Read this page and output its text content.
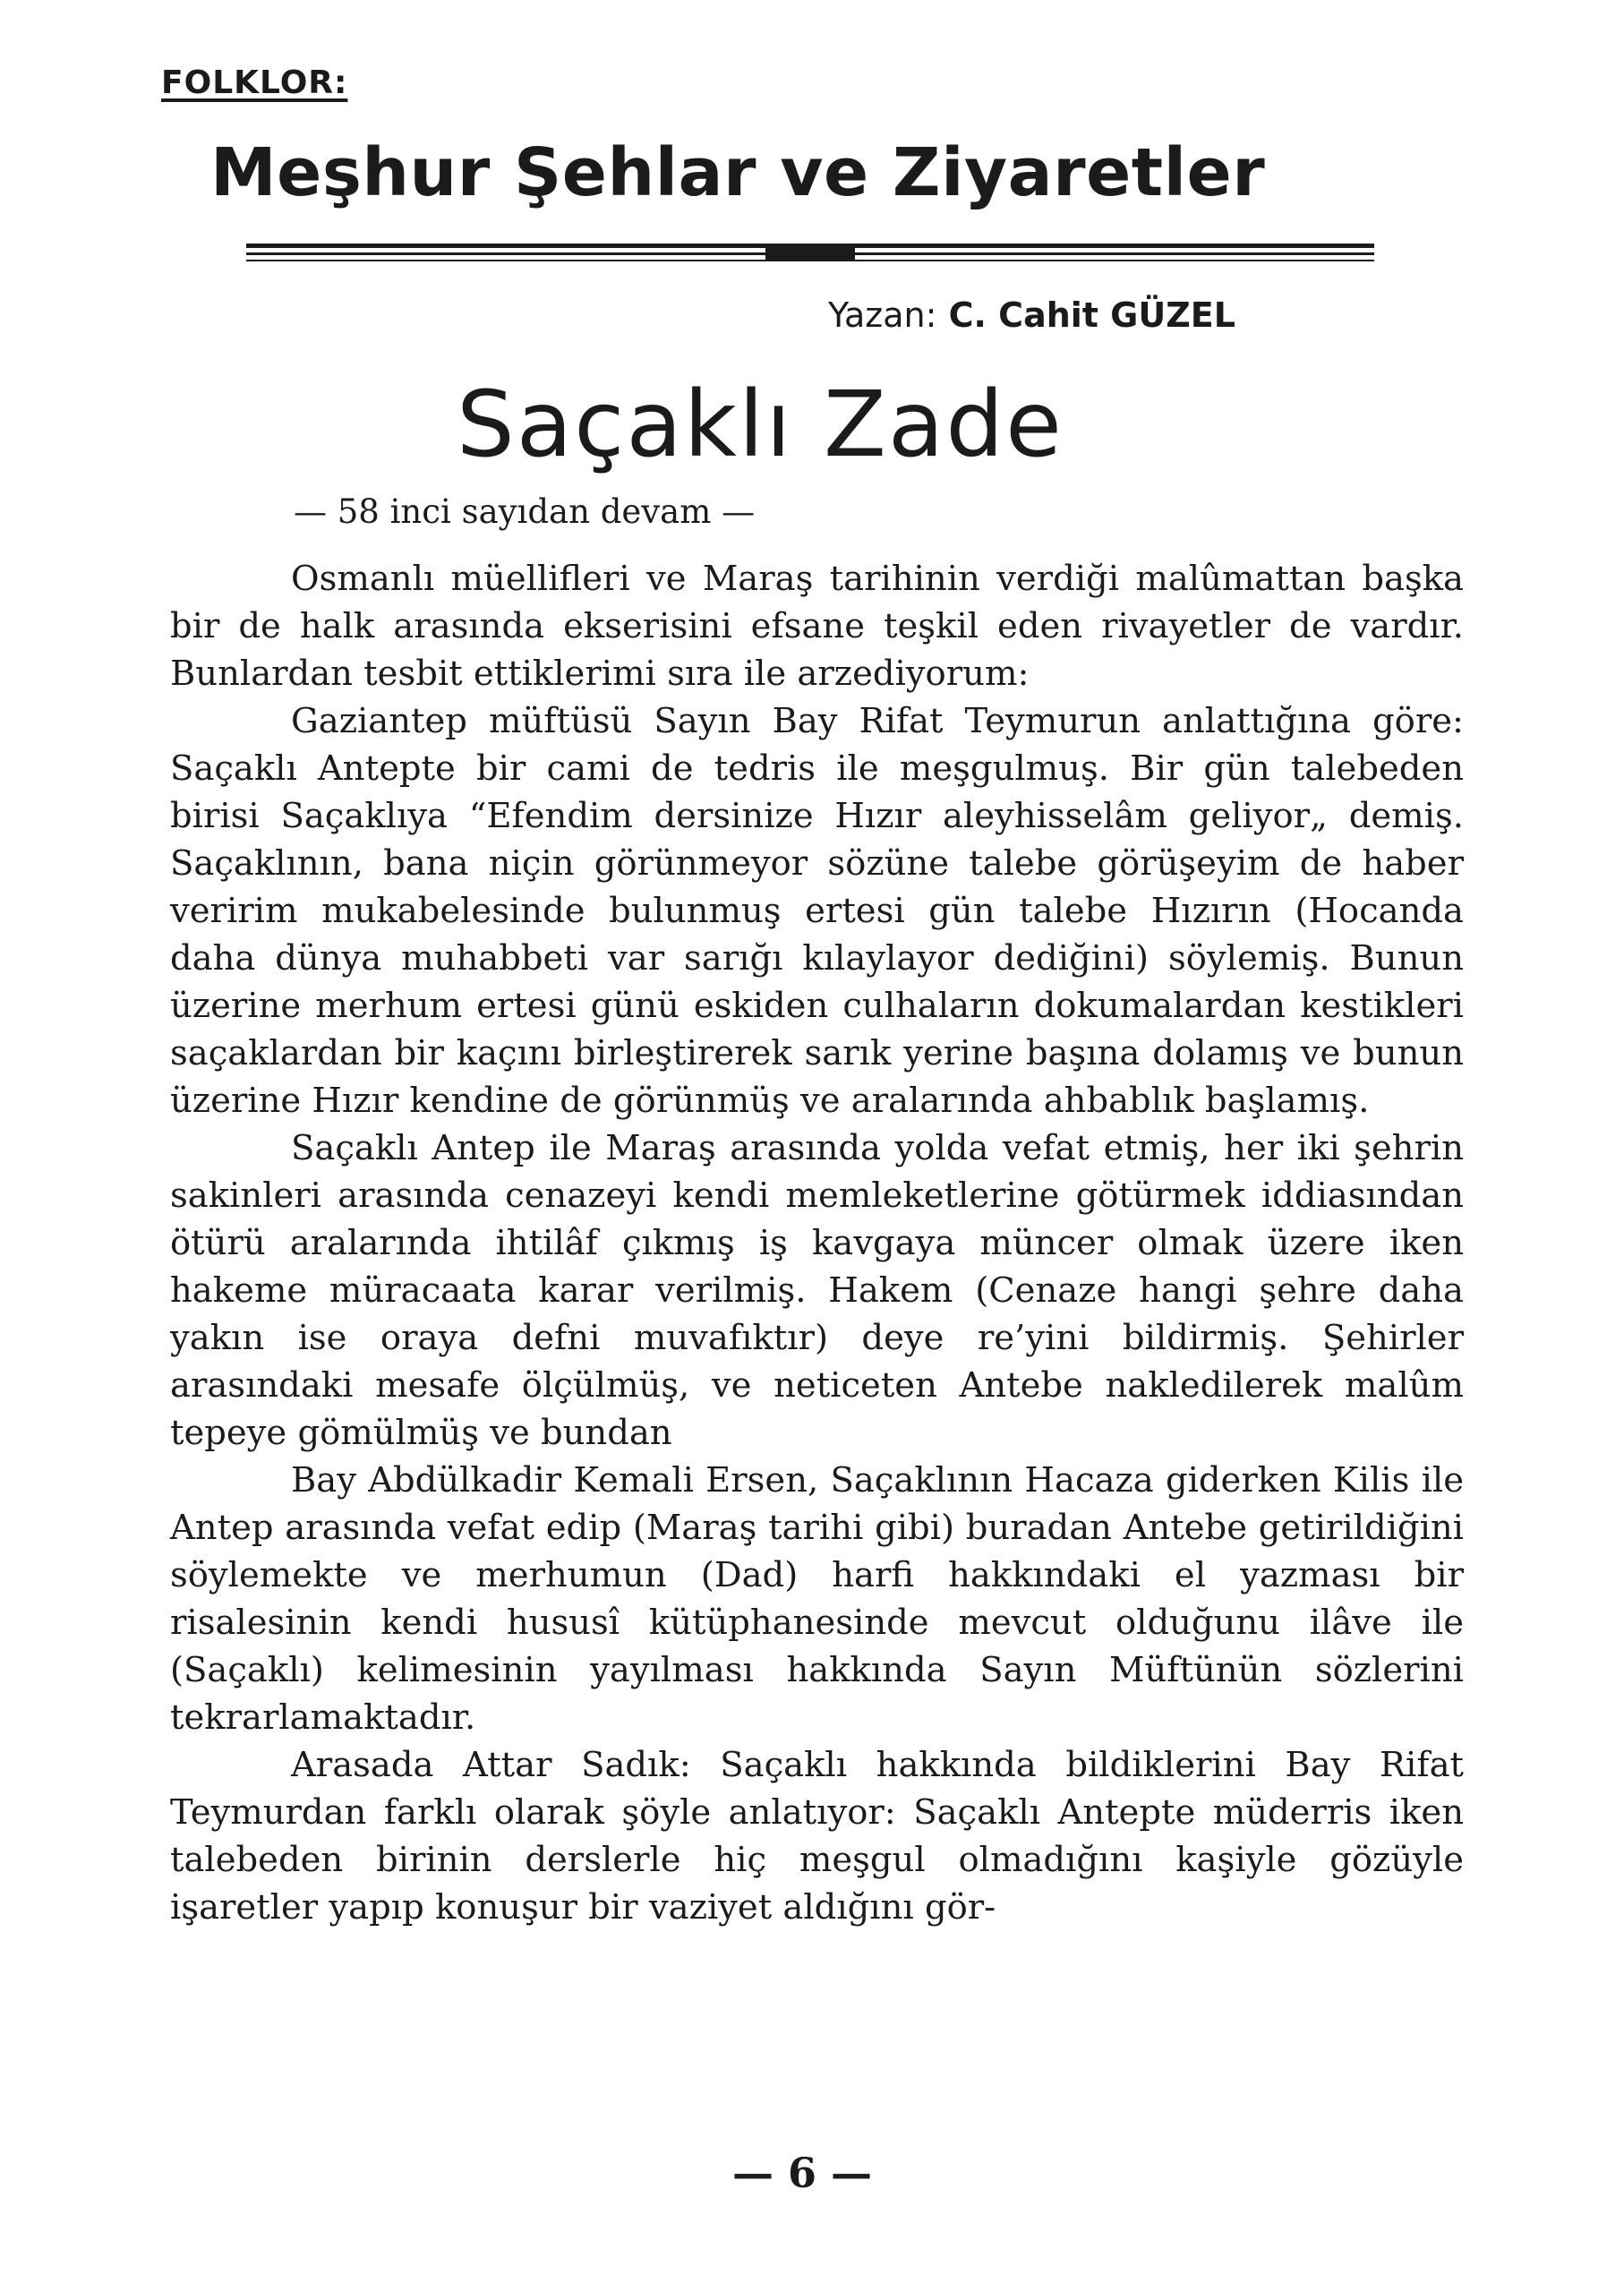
FOLKLOR:
Meşhur Şehlar ve Ziyaretler
Yazan: C. Cahit GÜZEL
Saçaklı Zade
— 58 inci sayıdan devam —

Osmanlı müellifleri ve Maraş tarihinin verdiği malûmattan başka bir de halk arasında ekserisini efsane teşkil eden rivayetler de vardır. Bunlardan tesbit ettiklerimi sıra ile arzediyorum:

Gaziantep müftüsü Sayın Bay Rifat Teymurun anlattığına göre: Saçaklı Antepte bir cami de tedris ile meşgulmuş. Bir gün talebeden birisi Saçaklıya “Efendim dersinize Hızır aleyhisselâm geliyor„ demiş. Saçaklının, bana niçin görünmeyor sözüne talebe görüşeyim de haber veririm mukabelesinde bulunmuş ertesi gün talebe Hızırın (Hocanda daha dünya muhabbeti var sarığı kılaylayor dediğini) söylemiş. Bunun üzerine merhum ertesi günü eskiden culhaların dokumalardan kestikleri saçaklardan bir kaçını birleştirerek sarık yerine başına dolamış ve bunun üzerine Hızır kendine de görünmüş ve aralarında ahbablık başlamış.

Saçaklı Antep ile Maraş arasında yolda vefat etmiş, her iki şehrin sakinleri arasında cenazeyi kendi memleketlerine götürmek iddiasından ötürü aralarında ihtilâf çıkmış iş kavgaya müncer olmak üzere iken hakeme müracaata karar verilmiş. Hakem (Cenaze hangi şehre daha yakın ise oraya defni muvafıktır) deye re’yini bildirmiş. Şehirler arasındaki mesafe ölçülmüş, ve neticeten Antebe nakledilerek malûm tepeye gömülmüş ve bundan

Bay Abdülkadir Kemali Ersen, Saçaklının Hacaza giderken Kilis ile Antep arasında vefat edip (Maraş tarihi gibi) buradan Antebe getirildiğini söylemekte ve merhumun (Dad) harfi hakkındaki el yazması bir risalesinin kendi hususî kütüphanesinde mevcut olduğunu ilâve ile (Saçaklı) kelimesinin yayılması hakkında Sayın Müftünün sözlerini tekrarlamaktadır.

Arasada Attar Sadık: Saçaklı hakkında bildiklerini Bay Rifat Teymurdan farklı olarak şöyle anlatıyor: Saçaklı Antepte müderris iken talebeden birinin derslerle hiç meşgul olmadığını kaşiyle gözüyle işaretler yapıp konuşur bir vaziyet aldığını gör-

— 6 —
